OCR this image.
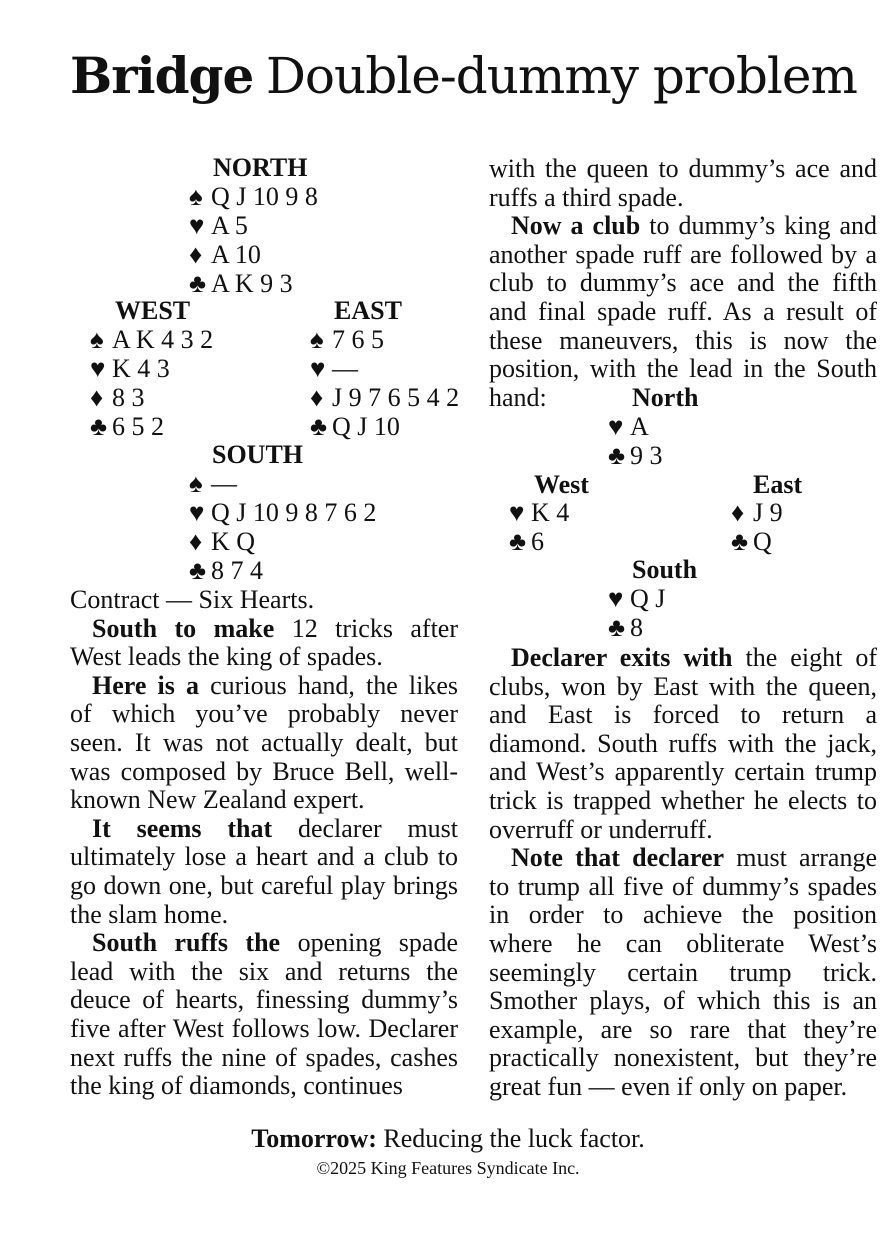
Bridge Double-dummy problem
NORTH
♠ Q J 10 9 8
♥ A 5
♦ A 10
♣ A K 9 3
WEST
♠ A K 4 3 2
♥ K 4 3
♦ 8 3
♣ 6 5 2
EAST
♠ 7 6 5
♥ —
♦ J 9 7 6 5 4 2
♣ Q J 10
SOUTH
♠ —
♥ Q J 10 9 8 7 6 2
♦ K Q
♣ 8 7 4

Contract — Six Hearts.

South to make 12 tricks after West leads the king of spades.

Here is a curious hand, the likes of which you’ve probably never seen. It was not actually dealt, but was composed by Bruce Bell, well-known New Zealand expert.

It seems that declarer must ultimately lose a heart and a club to go down one, but careful play brings the slam home.

South ruffs the opening spade lead with the six and returns the deuce of hearts, finessing dummy’s five after West follows low. Declarer next ruffs the nine of spades, cashes the king of diamonds, continues

with the queen to dummy’s ace and ruffs a third spade.

Now a club to dummy’s king and another spade ruff are followed by a club to dummy’s ace and the fifth and final spade ruff. As a result of these maneuvers, this is now the position, with the lead in the South hand:	North
♥ A
♣ 9 3
West
♥ K 4
♣ 6
East
♦ J 9
♣ Q
South
♥ Q J
♣ 8

Declarer exits with the eight of clubs, won by East with the queen, and East is forced to return a diamond. South ruffs with the jack, and West’s apparently certain trump trick is trapped whether he elects to overruff or underruff.

Note that declarer must arrange to trump all five of dummy’s spades in order to achieve the position where he can obliterate West’s seemingly certain trump trick. Smother plays, of which this is an example, are so rare that they’re practically nonexistent, but they’re great fun — even if only on paper.

Tomorrow: Reducing the luck factor.
©2025 King Features Syndicate Inc.
